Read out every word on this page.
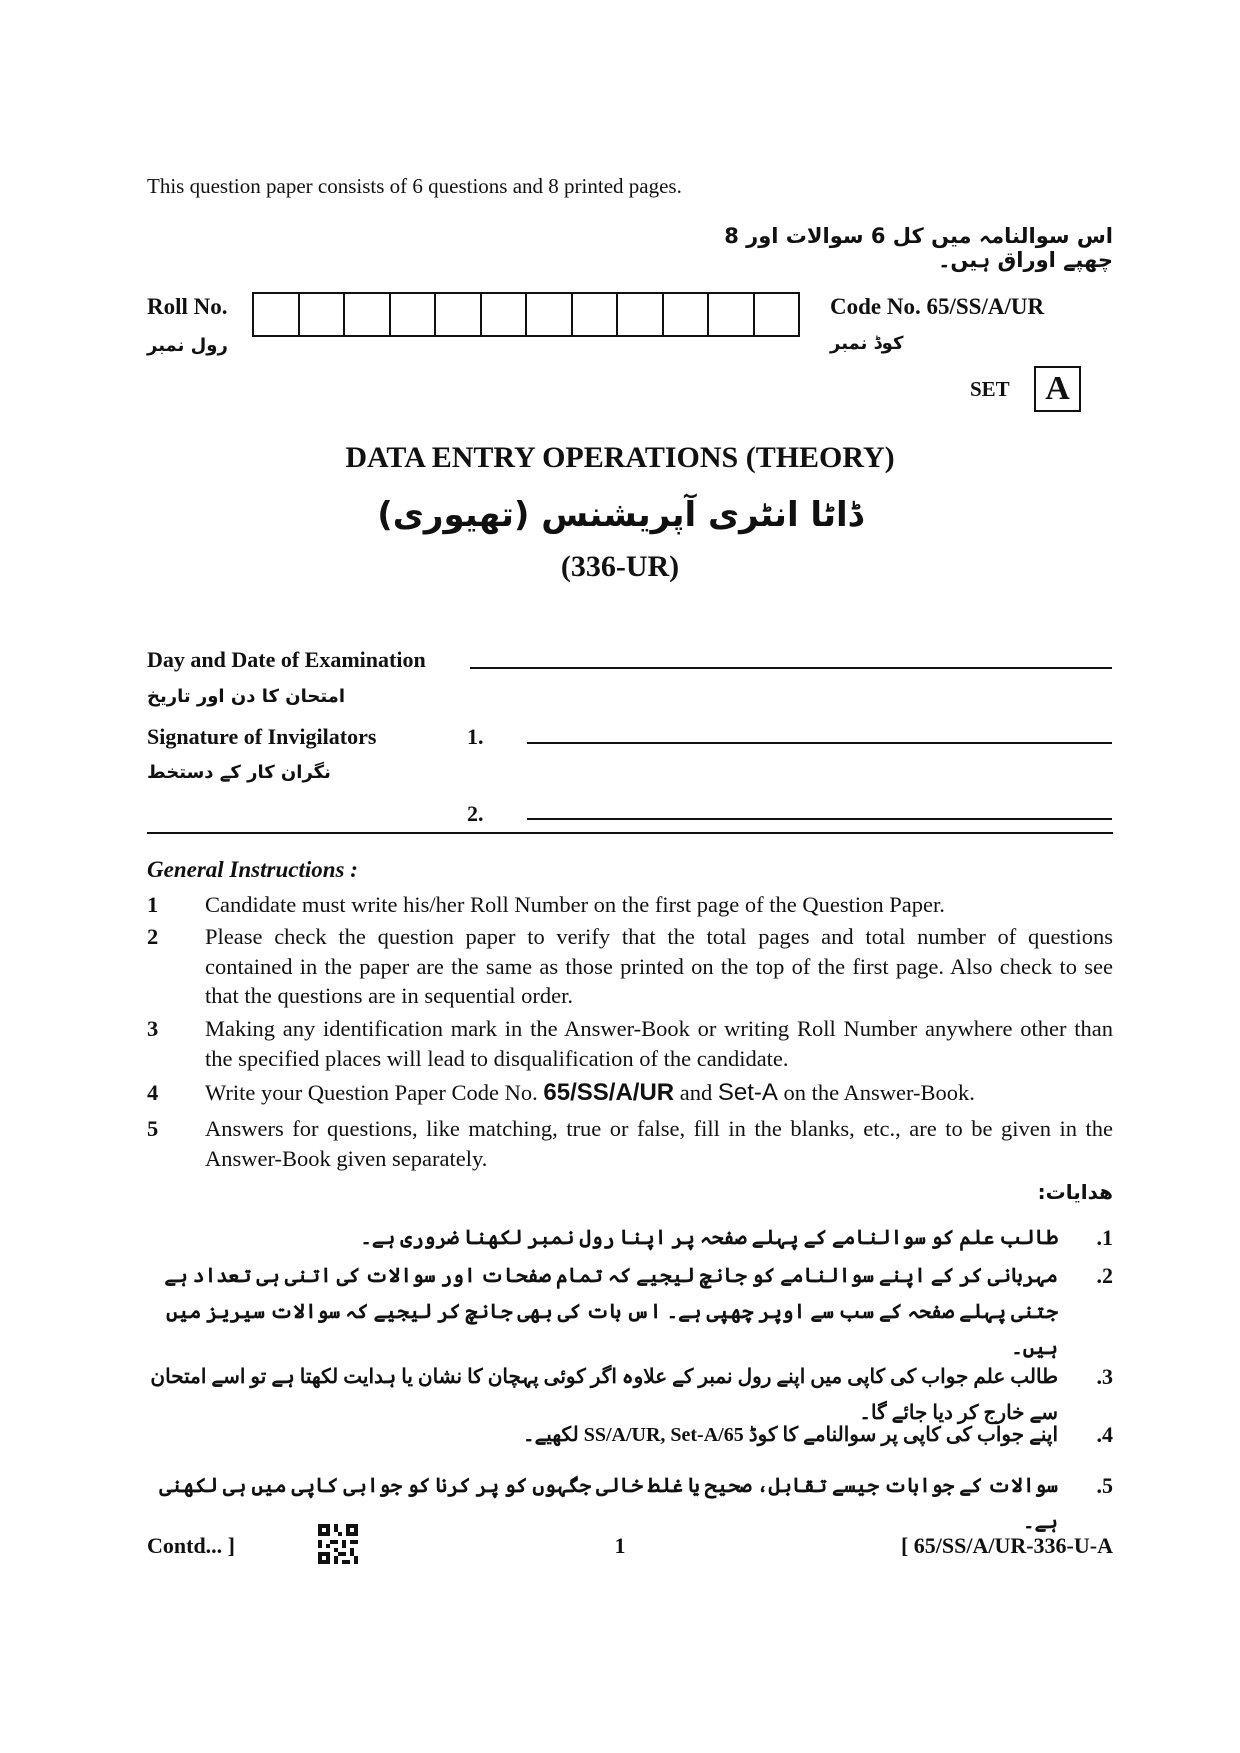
This question paper consists of 6 questions and 8 printed pages.
اس سوالنامہ میں کل 6 سوالات اور 8 چھپے اوراق ہیں۔
Roll No.
رول نمبر
Code No. 65/SS/A/UR
کوڈ نمبر
SET	A
DATA ENTRY OPERATIONS (THEORY)
ڈاٹا انٹری آپریشنس (تھیوری)
(336-UR)
Day and Date of Examination
امتحان کا دن اور تاریخ
Signature of Invigilators
نگران کار کے دستخط
1.
2.
General Instructions :
1	Candidate must write his/her Roll Number on the first page of the Question Paper.
2	Please check the question paper to verify that the total pages and total number of questions contained in the paper are the same as those printed on the top of the first page. Also check to see that the questions are in sequential order.
3	Making any identification mark in the Answer-Book or writing Roll Number anywhere other than the specified places will lead to disqualification of the candidate.
4	Write your Question Paper Code No. 65/SS/A/UR and Set-A on the Answer-Book.
5	Answers for questions, like matching, true or false, fill in the blanks, etc., are to be given in the Answer-Book given separately.
ھدایات:
.1
طالب علم کو سوالنامے کے پہلے صفحہ پر اپنا رول نمبر لکھنا ضروری ہے۔
.2
مہربانی کر کے اپنے سوالنامے کو جانچ لیجیے کہ تمام صفحات اور سوالات کی اتنی ہی تعداد ہے جتنی پہلے صفحہ کے سب سے اوپر چھپی ہے۔ اس بات کی بھی جانچ کر لیجیے کہ سوالات سیریز میں ہیں۔
.3
طالب علم جواب کی کاپی میں اپنے رول نمبر کے علاوہ اگر کوئی پہچان کا نشان یا ہدایت لکھتا ہے تو اسے امتحان سے خارج کر دیا جائے گا۔
.4
اپنے جواب کی کاپی پر سوالنامے کا کوڈ 65/SS/A/UR, Set-A لکھیے۔
.5
سوالات کے جوابات جیسے تقابل، صحیح یا غلط خالی جگہوں کو پر کرنا کو جوابی کاپی میں ہی لکھنی ہے۔
Contd... ]	1	[ 65/SS/A/UR-336-U-A
